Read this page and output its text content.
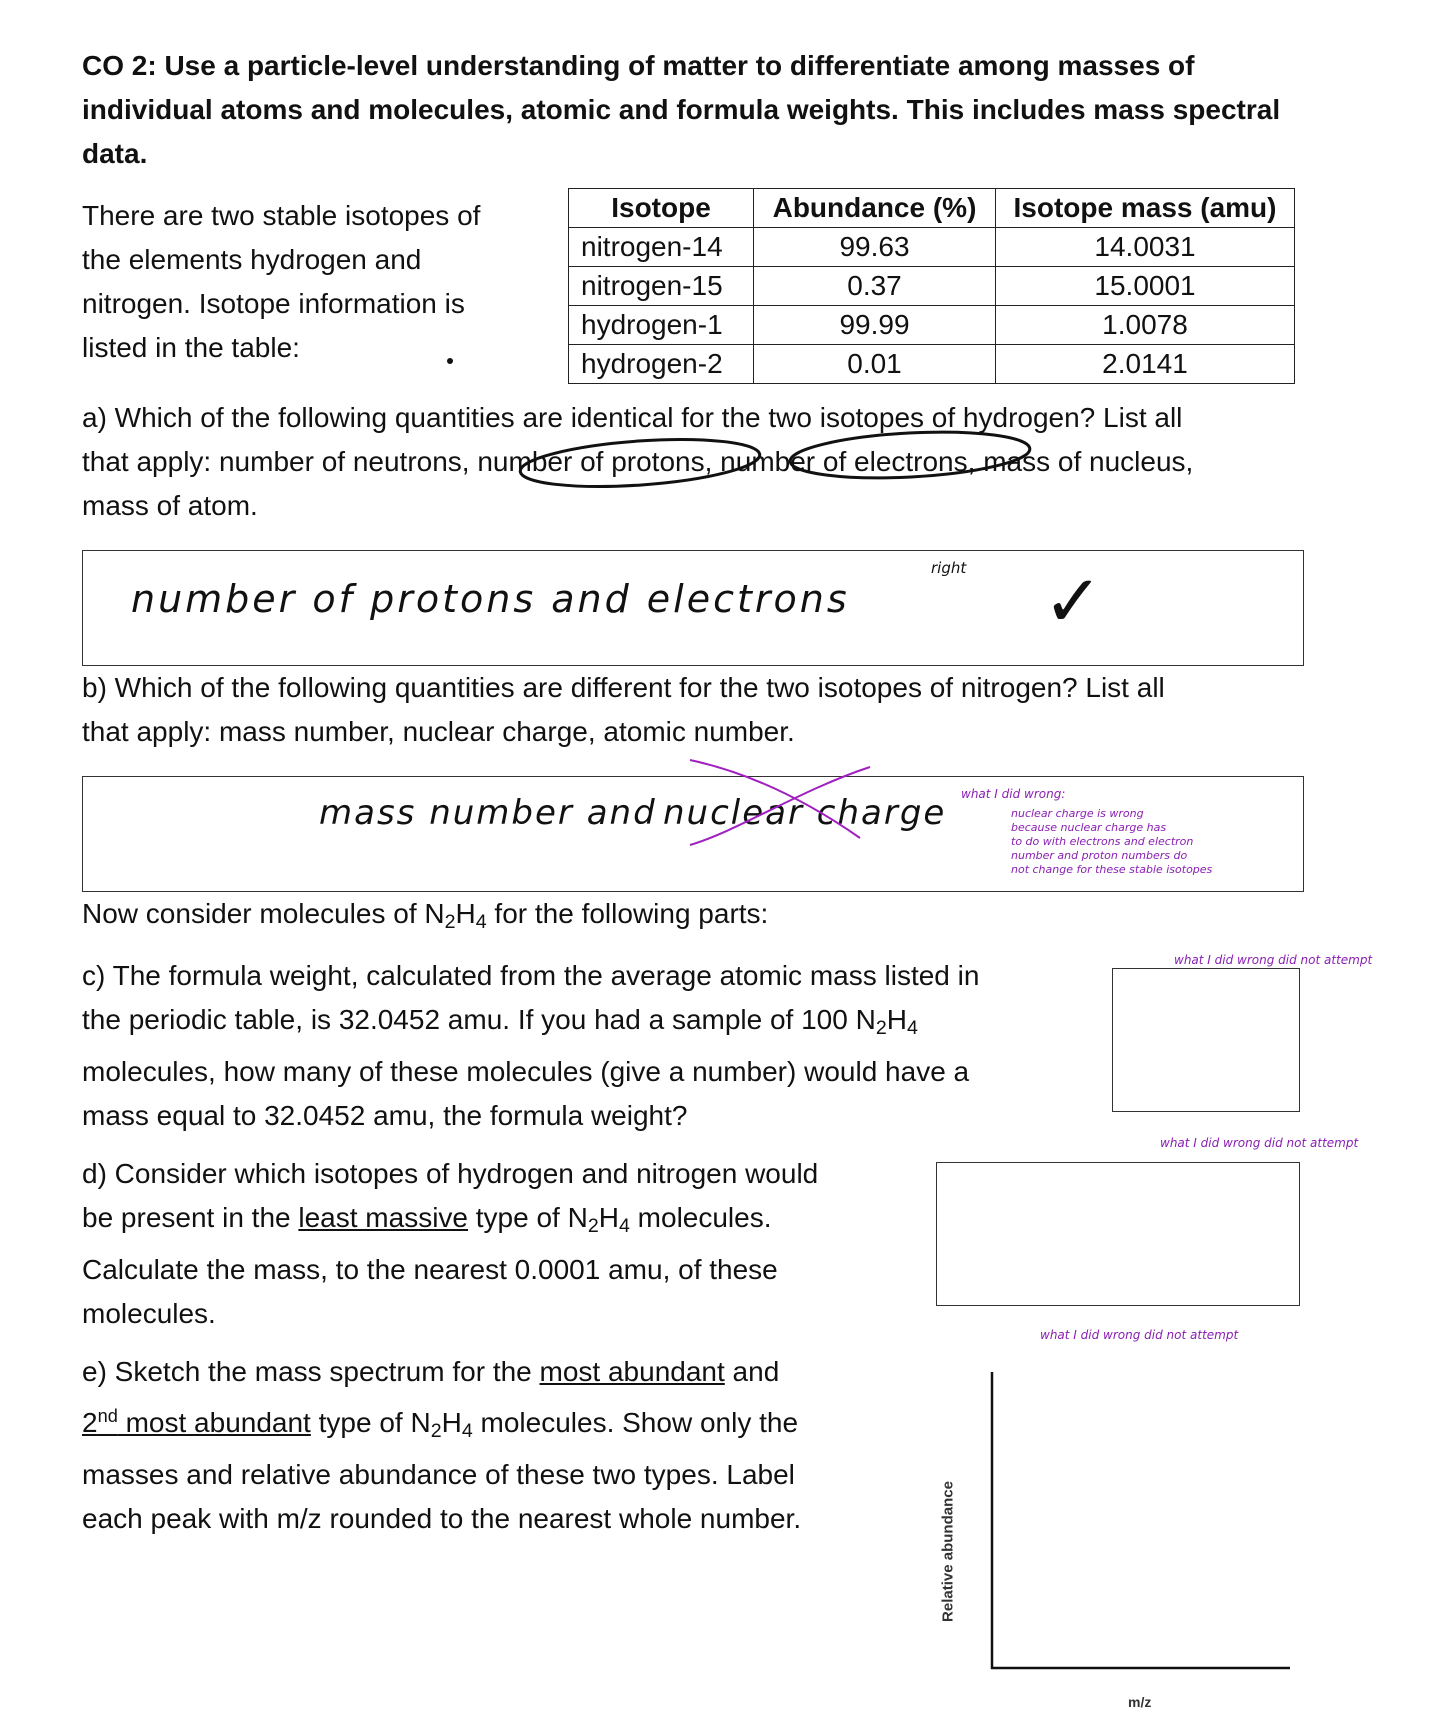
CO 2: Use a particle-level understanding of matter to differentiate among masses of individual atoms and molecules, atomic and formula weights. This includes mass spectral data.
There are two stable isotopes of the elements hydrogen and nitrogen. Isotope information is listed in the table:
Isotope	Abundance (%)	Isotope mass (amu)
nitrogen-14	99.63	14.0031
nitrogen-15	0.37	15.0001
hydrogen-1	99.99	1.0078
hydrogen-2	0.01	2.0141
a) Which of the following quantities are identical for the two isotopes of hydrogen? List all
that apply: number of neutrons, number of protons, number of electrons, mass of nucleus,
mass of atom.
number of protons and electrons
right ✓
b) Which of the following quantities are different for the two isotopes of nitrogen? List all
that apply: mass number, nuclear charge, atomic number.
mass number and nuclear charge what I did wrong:
nuclear charge is wrong
because nuclear charge has
to do with electrons and electron
number and proton numbers do
not change for these stable isotopes
Now consider molecules of $N_2H_4$ for the following parts:
c) The formula weight, calculated from the average atomic mass listed in
the periodic table, is 32.0452 amu. If you had a sample of 100 $N_2H_4$
molecules, how many of these molecules (give a number) would have a
mass equal to 32.0452 amu, the formula weight?
what I did wrong did not attempt
d) Consider which isotopes of hydrogen and nitrogen would
be present in the least massive type of $N_2H_4$ molecules.
Calculate the mass, to the nearest 0.0001 amu, of these
molecules.
what I did wrong did not attempt
e) Sketch the mass spectrum for the most abundant and
2nd most abundant type of $N_2H_4$ molecules. Show only the
masses and relative abundance of these two types. Label
each peak with m/z rounded to the nearest whole number.
what I did wrong did not attempt
Relative abundance
m/z
